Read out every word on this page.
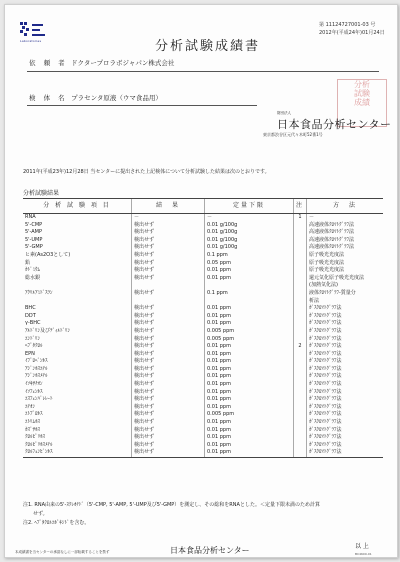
Laboratories
第 11124727001-03 号
2012年(平成24年)01月24日
分析試験成績書
依 頼 者 ドクタープロラボジャパン株式会社
検 体 名 プラセンタ原液（ウマ食品用）
分析
試験
成績
財団法人
日本食品分析センター
東京都渋谷区元代々木町52番1号
2011年(平成23年)12月28日 当センターに提出された上記検体について分析試験した結果は次のとおりです。
分析試験結果
分 析 試 験 項 目	結　果	定量下限	注	方　法
RNA	－	－	1	－
5'-CMP	検出せず	0.01 g/100g		高速液体ｸﾛﾏﾄｸﾞﾗﾌ法
5'-AMP	検出せず	0.01 g/100g		高速液体ｸﾛﾏﾄｸﾞﾗﾌ法
5'-UMP	検出せず	0.01 g/100g		高速液体ｸﾛﾏﾄｸﾞﾗﾌ法
5'-GMP	検出せず	0.01 g/100g		高速液体ｸﾛﾏﾄｸﾞﾗﾌ法
ヒ素(As2O3として)	検出せず	0.1 ppm		原子吸光光度法
鉛	検出せず	0.05 ppm		原子吸光光度法
ｶﾄﾞﾐｳﾑ	検出せず	0.01 ppm		原子吸光光度法
総水銀	検出せず	0.01 ppm		還元気化原子吸光光度法
				(加熱気化法)
ｱｸﾘﾙｱﾐﾄﾞｽﾗﾝ	検出せず	0.1 ppm		液体ｸﾛﾏﾄｸﾞﾗﾌ-質量分
				析法
BHC	検出せず	0.01 ppm		ｶﾞｽｸﾛﾏﾄｸﾞﾗﾌ法
DDT	検出せず	0.01 ppm		ｶﾞｽｸﾛﾏﾄｸﾞﾗﾌ法
γ-BHC	検出せず	0.01 ppm		ｶﾞｽｸﾛﾏﾄｸﾞﾗﾌ法
ｱﾙﾄﾞﾘﾝ及びﾃﾞｨﾙﾄﾞﾘﾝ	検出せず	0.005 ppm		ｶﾞｽｸﾛﾏﾄｸﾞﾗﾌ法
ｴﾝﾄﾞﾘﾝ	検出せず	0.005 ppm		ｶﾞｽｸﾛﾏﾄｸﾞﾗﾌ法
ﾍﾌﾟﾀｸﾛﾙ	検出せず	0.01 ppm	2	ｶﾞｽｸﾛﾏﾄｸﾞﾗﾌ法
EPN	検出せず	0.01 ppm		ｶﾞｽｸﾛﾏﾄｸﾞﾗﾌ法
ｲﾌﾟﾛﾍﾞﾝﾎｽ	検出せず	0.01 ppm		ｶﾞｽｸﾛﾏﾄｸﾞﾗﾌ法
ｱｼﾞﾝﾎｽｴﾁﾙ	検出せず	0.01 ppm		ｶﾞｽｸﾛﾏﾄｸﾞﾗﾌ法
ｱｼﾞﾝﾎｽﾒﾁﾙ	検出せず	0.01 ppm		ｶﾞｽｸﾛﾏﾄｸﾞﾗﾌ法
ｲｿｷｻﾁｵﾝ	検出せず	0.01 ppm		ｶﾞｽｸﾛﾏﾄｸﾞﾗﾌ法
ｲｿﾌｪﾝﾎｽ	検出せず	0.01 ppm		ｶﾞｽｸﾛﾏﾄｸﾞﾗﾌ法
ｴｽﾌｪﾝﾊﾞﾚﾚｰﾄ	検出せず	0.01 ppm		ｶﾞｽｸﾛﾏﾄｸﾞﾗﾌ法
ｴﾁｵﾝ	検出せず	0.01 ppm		ｶﾞｽｸﾛﾏﾄｸﾞﾗﾌ法
ｴﾄﾌﾟﾛﾎｽ	検出せず	0.005 ppm		ｶﾞｽｸﾛﾏﾄｸﾞﾗﾌ法
ｴﾄﾘﾑﾎｽ	検出せず	0.01 ppm		ｶﾞｽｸﾛﾏﾄｸﾞﾗﾌ法
ｶｽﾞｻﾎｽ	検出せず	0.01 ppm		ｶﾞｽｸﾛﾏﾄｸﾞﾗﾌ法
ｸﾛﾙﾋﾟﾘﾎｽ	検出せず	0.01 ppm		ｶﾞｽｸﾛﾏﾄｸﾞﾗﾌ法
ｸﾛﾙﾋﾟﾘﾎｽﾒﾁﾙ	検出せず	0.01 ppm		ｶﾞｽｸﾛﾏﾄｸﾞﾗﾌ法
ｸﾛﾙﾌｪﾝﾋﾞﾝﾎｽ	検出せず	0.01 ppm		ｶﾞｽｸﾛﾏﾄｸﾞﾗﾌ法
注1. RNA由来の5'-ﾇｸﾚｵﾁﾄﾞ（5'-CMP, 5'-AMP, 5'-UMP及び5'-GMP）を測定し、その総和をRNAとした。＜定量下限未満のため計算
　　せず。
注2. ﾍﾌﾟﾀｸﾛﾙｴﾎﾟｷｼﾄﾞを含む。
以 上
本成績書を当センターの承諾なしに一部転載することを禁ず	日本食品分析センター	BC4600-01
